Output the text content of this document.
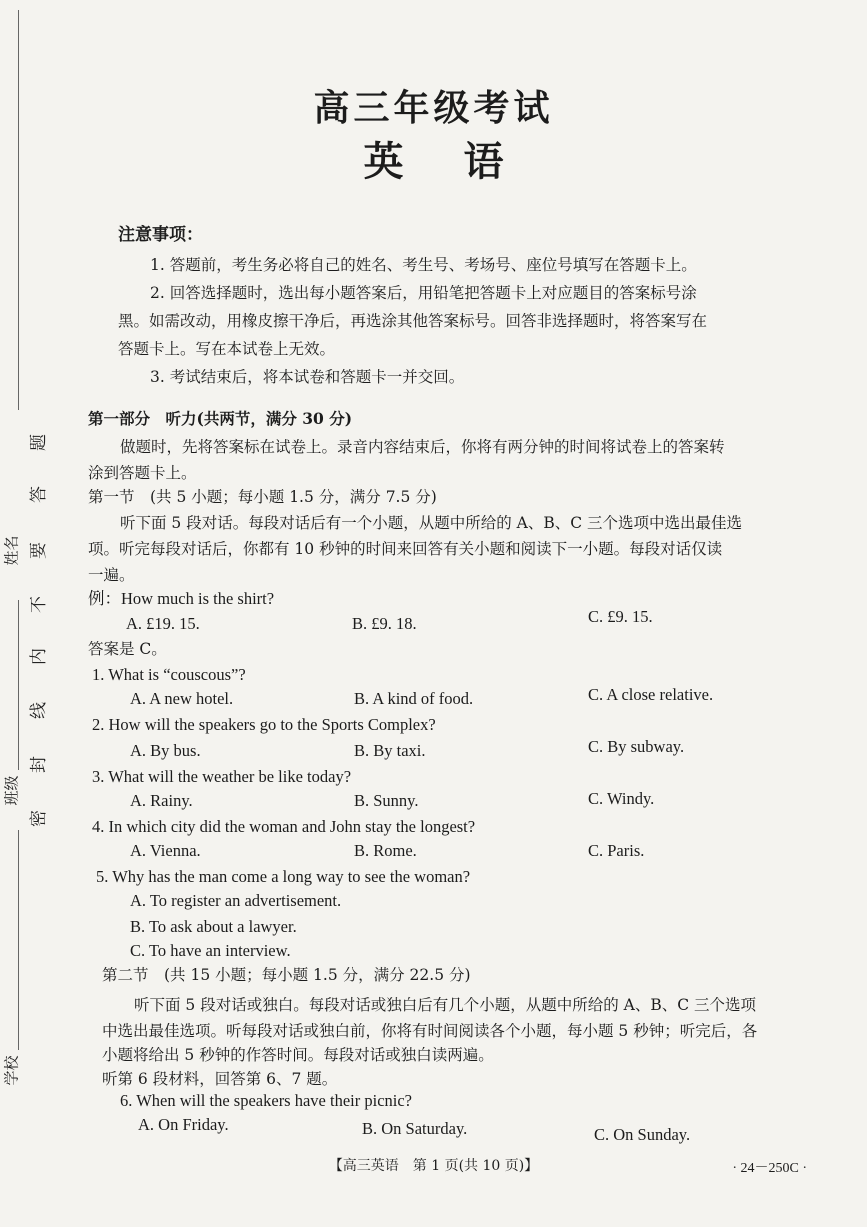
题
答
要
不
内
线
封
密
姓名
班级
学校
高三年级考试
英语
注意事项：
1. 答题前，考生务必将自己的姓名、考生号、考场号、座位号填写在答题卡上。
2. 回答选择题时，选出每小题答案后，用铅笔把答题卡上对应题目的答案标号涂
黑。如需改动，用橡皮擦干净后，再选涂其他答案标号。回答非选择题时，将答案写在
答题卡上。写在本试卷上无效。
3. 考试结束后，将本试卷和答题卡一并交回。
第一部分　听力(共两节，满分 30 分)
做题时，先将答案标在试卷上。录音内容结束后，你将有两分钟的时间将试卷上的答案转
涂到答题卡上。
第一节　(共 5 小题；每小题 1.5 分，满分 7.5 分)
听下面 5 段对话。每段对话后有一个小题，从题中所给的 A、B、C 三个选项中选出最佳选
项。听完每段对话后，你都有 10 秒钟的时间来回答有关小题和阅读下一小题。每段对话仅读
一遍。
例：How much is the shirt?
A. £19. 15.	B. £9. 18.	C. £9. 15.
答案是 C。
1. What is “couscous”?
A. A new hotel.	B. A kind of food.	C. A close relative.
2. How will the speakers go to the Sports Complex?
A. By bus.	B. By taxi.	C. By subway.
3. What will the weather be like today?
A. Rainy.	B. Sunny.	C. Windy.
4. In which city did the woman and John stay the longest?
A. Vienna.	B. Rome.	C. Paris.
5. Why has the man come a long way to see the woman?
A. To register an advertisement.
B. To ask about a lawyer.
C. To have an interview.
第二节　(共 15 小题；每小题 1.5 分，满分 22.5 分)
听下面 5 段对话或独白。每段对话或独白后有几个小题，从题中所给的 A、B、C 三个选项
中选出最佳选项。听每段对话或独白前，你将有时间阅读各个小题，每小题 5 秒钟；听完后，各
小题将给出 5 秒钟的作答时间。每段对话或独白读两遍。
听第 6 段材料，回答第 6、7 题。
6. When will the speakers have their picnic?
A. On Friday.	B. On Saturday.	C. On Sunday.
【高三英语　第 1 页(共 10 页)】	· 24－250C ·
